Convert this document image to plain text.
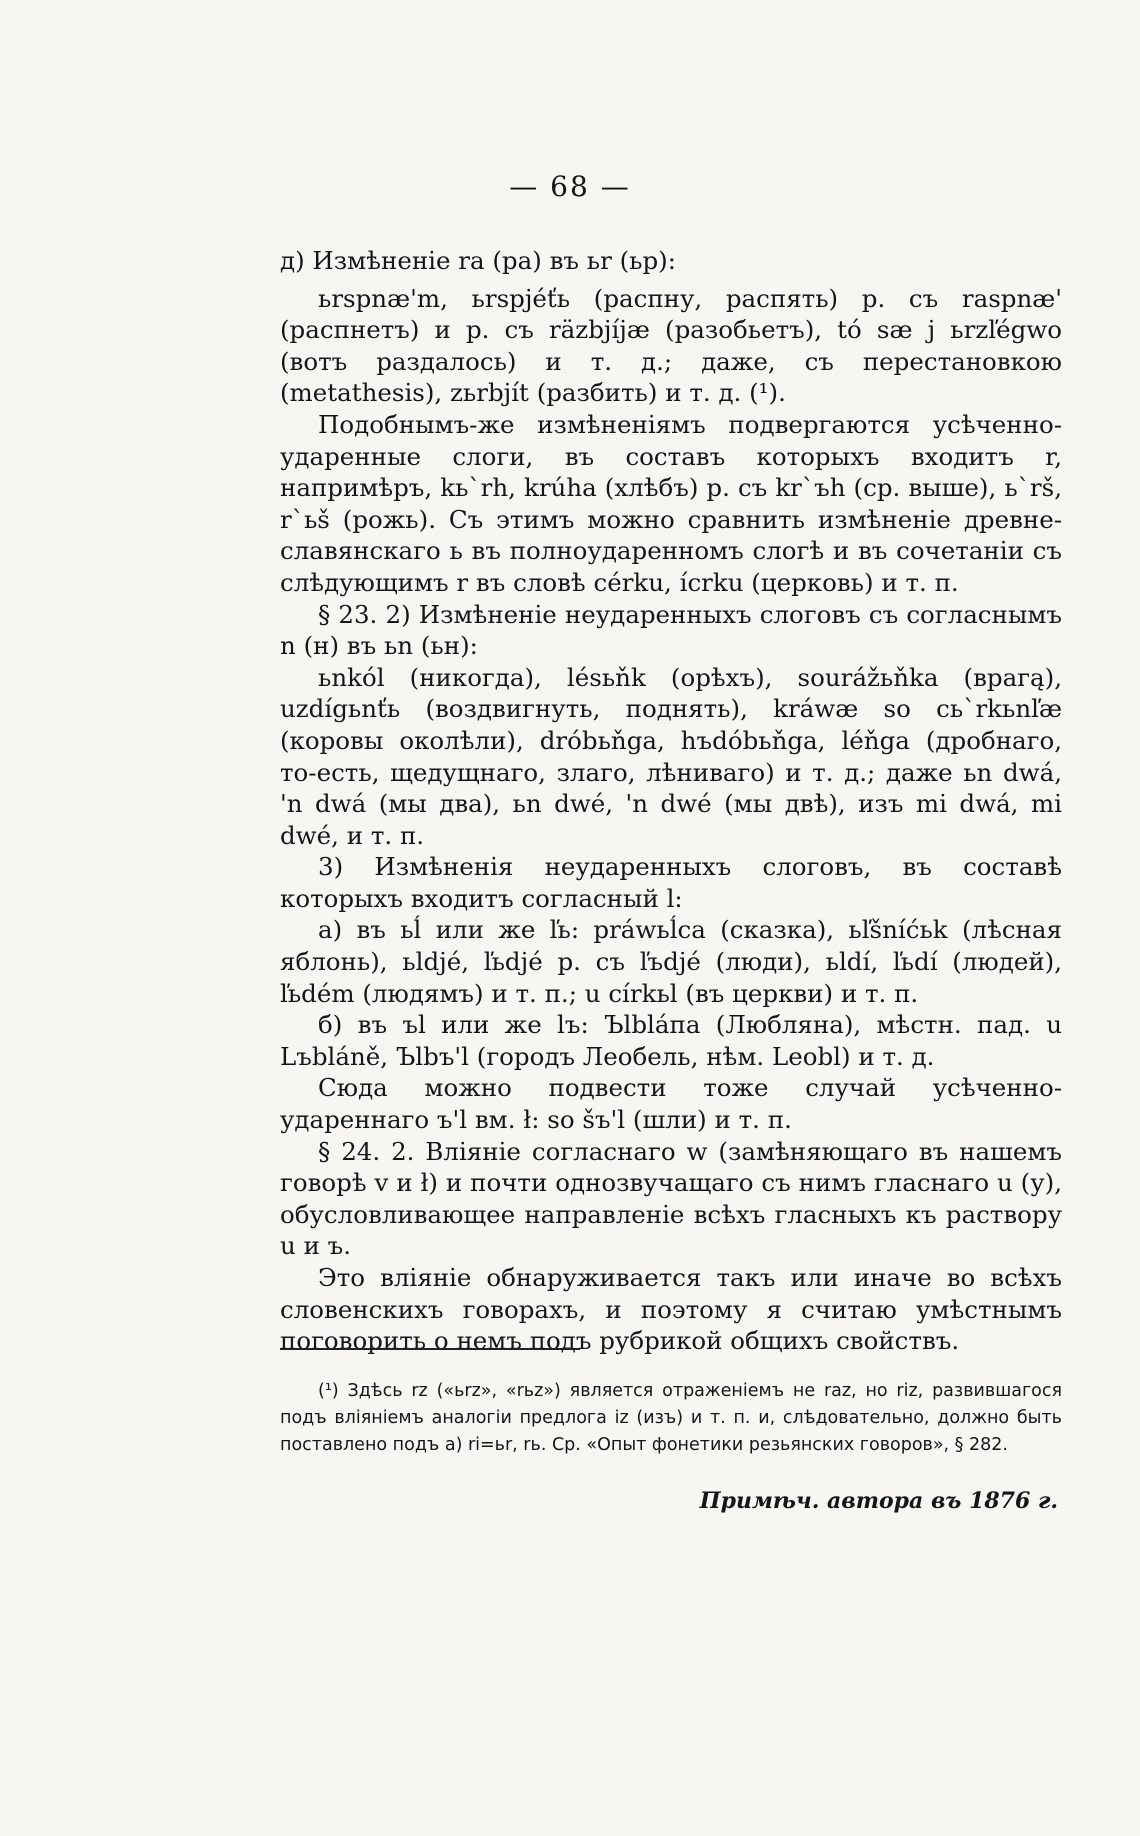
— 68 —

д) Измѣненіе ra (ра) въ ьr (ьр):

ьrspnæ'm, ьrspjéťь (распну, распять) р. съ raspnæ' (распнетъ) и р. съ räzbjíjæ (разобьетъ), tó sæ j ьrzľégwo (вотъ раздалось) и т. д.; даже, съ перестановкою (metathesis), zьrbjít (разбить) и т. д. (¹).

Подобнымъ-же измѣненіямъ подвергаются усѣченно-ударенные слоги, въ составъ которыхъ входитъ r, напримѣръ, kь`rh, krúha (хлѣбъ) р. съ kr`ъh (ср. выше), ь`rš, r`ьš (рожь). Съ этимъ можно сравнить измѣненіе древне-славянскаго ь въ полноударенномъ слогѣ и въ сочетаніи съ слѣдующимъ r въ словѣ cérku, ícrku (церковь) и т. п.

§ 23. 2) Измѣненіе неударенныхъ слоговъ съ согласнымъ n (н) въ ьn (ьн):

ьnkól (никогда), lésьňk (орѣхъ), sourážьňka (врагą), uzdígьnťь (воздвигнуть, поднять), kráwæ so сь`rkьnľæ (коровы околѣли), dróbьňga, hъdóbьňga, léňga (дробнаго, то-есть, щедущнаго, злаго, лѣниваго) и т. д.; даже ьn dwá, 'n dwá (мы два), ьn dwé, 'n dwé (мы двѣ), изъ mi dwá, mi dwé, и т. п.

3) Измѣненія неударенныхъ слоговъ, въ составѣ которыхъ входитъ согласный l:

а) въ ьĺ или же ľь: práwьĺca (сказка), ьľšníćьk (лѣсная яблонь), ьldjé, ľьdjé р. съ ľъdjé (люди), ьldí, ľьdí (людей), ľьdém (людямъ) и т. п.; u církьl (въ церкви) и т. п.

б) въ ъl или же lъ: Ъlbláпa (Любляна), мѣстн. пад. u Lъbláně, Ъlbъ'l (городъ Леобель, нѣм. Leobl) и т. д.

Сюда можно подвести тоже случай усѣченно-удареннаго ъ'l вм. ł: so šъ'l (шли) и т. п.

§ 24. 2. Вліяніе согласнаго w (замѣняющаго въ нашемъ говорѣ v и ł) и почти однозвучащаго съ нимъ гласнаго u (у), обусловливающее направленіе всѣхъ гласныхъ къ раствору u и ъ.

Это вліяніе обнаруживается такъ или иначе во всѣхъ словенскихъ говорахъ, и поэтому я считаю умѣстнымъ поговорить о немъ подъ рубрикой общихъ свойствъ.

(¹) Здѣсь rz («ьrz», «rьz») является отраженіемъ не raz, но riz, развившагося подъ вліяніемъ аналогіи предлога iz (изъ) и т. п. и, слѣдовательно, должно быть поставлено подъ а) ri=ьr, rь. Ср. «Опыт фонетики резьянских говоров», § 282.
Примѣч. автора въ 1876 г.
